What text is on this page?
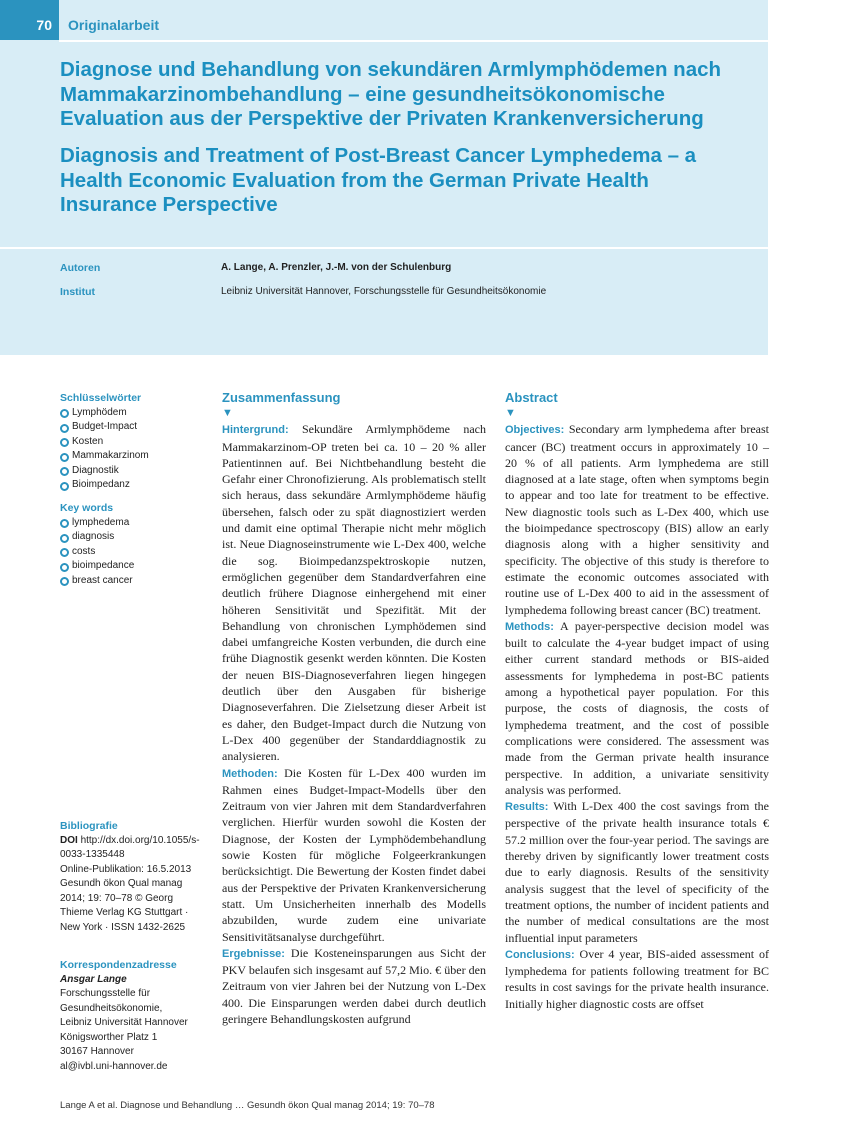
70 Originalarbeit
Diagnose und Behandlung von sekundären Armlymphödemen nach Mammakarzinombehandlung – eine gesundheitsökonomische Evaluation aus der Perspektive der Privaten Krankenversicherung
Diagnosis and Treatment of Post-Breast Cancer Lymphedema – a Health Economic Evaluation from the German Private Health Insurance Perspective
Autoren	A. Lange, A. Prenzler, J.-M. von der Schulenburg
Institut	Leibniz Universität Hannover, Forschungsstelle für Gesundheitsökonomie
Schlüsselwörter
Lymphödem
Budget-Impact
Kosten
Mammakarzinom
Diagnostik
Bioimpedanz
Key words
lymphedema
diagnosis
costs
bioimpedance
breast cancer
Bibliografie
DOI http://dx.doi.org/10.1055/s-0033-1335448
Online-Publikation: 16.5.2013
Gesundh ökon Qual manag 2014; 19: 70–78 © Georg Thieme Verlag KG Stuttgart · New York · ISSN 1432-2625
Korrespondenzadresse
Ansgar Lange
Forschungsstelle für
Gesundheitsökonomie,
Leibniz Universität Hannover
Königsworther Platz 1
30167 Hannover
al@ivbl.uni-hannover.de
Zusammenfassung
▼

Hintergrund: Sekundäre Armlymphödeme nach Mammakarzinom-OP treten bei ca. 10 – 20 % aller Patientinnen auf. Bei Nichtbehandlung besteht die Gefahr einer Chronofizierung. Als problematisch stellt sich heraus, dass sekundäre Armlymphödeme häufig übersehen, falsch oder zu spät diagnostiziert werden und damit eine optimal Therapie nicht mehr möglich ist. Neue Diagnoseinstrumente wie L-Dex 400, welche die sog. Bioimpedanzspektroskopie nutzen, ermöglichen gegenüber dem Standardverfahren eine deutlich frühere Diagnose einhergehend mit einer höheren Sensitivität und Spezifität. Mit der Behandlung von chronischen Lymphödemen sind dabei umfangreiche Kosten verbunden, die durch eine frühe Diagnostik gesenkt werden könnten. Die Kosten der neuen BIS-Diagnoseverfahren liegen hingegen deutlich über den Ausgaben für bisherige Diagnoseverfahren. Die Zielsetzung dieser Arbeit ist es daher, den Budget-Impact durch die Nutzung von L-Dex 400 gegenüber der Standarddiagnostik zu analysieren.

Methoden: Die Kosten für L-Dex 400 wurden im Rahmen eines Budget-Impact-Modells über den Zeitraum von vier Jahren mit dem Standardverfahren verglichen. Hierfür wurden sowohl die Kosten der Diagnose, der Kosten der Lymphödembehandlung sowie Kosten für mögliche Folgeerkrankungen berücksichtigt. Die Bewertung der Kosten findet dabei aus der Perspektive der Privaten Krankenversicherung statt. Um Unsicherheiten innerhalb des Modells abzubilden, wurde zudem eine univariate Sensitivitätsanalyse durchgeführt.

Ergebnisse: Die Kosteneinsparungen aus Sicht der PKV belaufen sich insgesamt auf 57,2 Mio. € über den Zeitraum von vier Jahren bei der Nutzung von L-Dex 400. Die Einsparungen werden dabei durch deutlich geringere Behandlungskosten aufgrund

Abstract
▼

Objectives: Secondary arm lymphedema after breast cancer (BC) treatment occurs in approximately 10 – 20 % of all patients. Arm lymphedema are still diagnosed at a late stage, often when symptoms begin to appear and too late for treatment to be effective. New diagnostic tools such as L-Dex 400, which use the bioimpedance spectroscopy (BIS) allow an early diagnosis along with a higher sensitivity and specificity. The objective of this study is therefore to estimate the economic outcomes associated with routine use of L-Dex 400 to aid in the assessment of lymphedema following breast cancer (BC) treatment.

Methods: A payer-perspective decision model was built to calculate the 4-year budget impact of using either current standard methods or BIS-aided assessments for lymphedema in post-BC patients among a hypothetical payer population. For this purpose, the costs of diagnosis, the costs of lymphedema treatment, and the cost of possible complications were considered. The assessment was made from the German private health insurance perspective. In addition, a univariate sensitivity analysis was performed.

Results: With L-Dex 400 the cost savings from the perspective of the private health insurance totals € 57.2 million over the four-year period. The savings are thereby driven by significantly lower treatment costs due to early diagnosis. Results of the sensitivity analysis suggest that the level of specificity of the treatment options, the number of incident patients and the number of medical consultations are the most influential input parameters

Conclusions: Over 4 year, BIS-aided assessment of lymphedema for patients following treatment for BC results in cost savings for the private health insurance. Initially higher diagnostic costs are offset

Lange A et al. Diagnose und Behandlung … Gesundh ökon Qual manag 2014; 19: 70–78
